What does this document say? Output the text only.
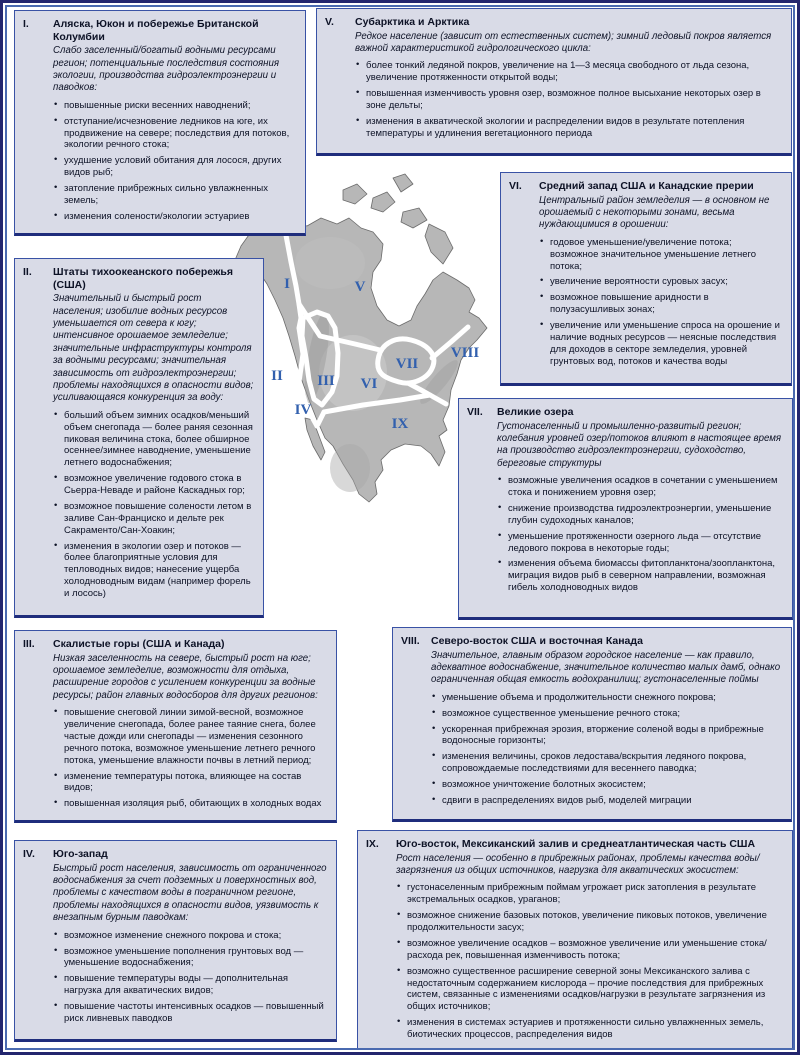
I
II III
IV
V
VI
VII
VIII
IX
I.	Аляска, Юкон и побережье Британской Колумбии
Слабо заселенный/богатый водными ресурсами регион; потенциальные последствия состояния экологии, производства гидроэлектроэнергии и паводков:
• повышенные риски весенних наводнений;
• отступание/исчезновение ледников на юге, их продвижение на севере; последствия для потоков, экологии речного стока;
• ухудшение условий обитания для лосося, других видов рыб;
• затопление прибрежных сильно увлажненных земель;
• изменения солености/экологии эстуариев
II.	Штаты тихоокеанского побережья (США)
Значительный и быстрый рост населения; изобилие водных ресурсов уменьшается от севера к югу; интенсивное орошаемое земледелие; значительные инфраструктуры контроля за водными ресурсами; значительная зависимость от гидроэлектроэнергии; проблемы находящихся в опасности видов; усиливающаяся конкуренция за воду:
• больший объем зимних осадков/меньший объем снегопада — более раняя сезонная пиковая величина стока, более обширное осеннее/зимнее наводнение, уменьшение летнего водоснабжения;
• возможное увеличение годового стока в Сьерра-Неваде и районе Каскадных гор;
• возможное повышение солености летом в заливе Сан-Франциско и дельте рек Сакраменто/Сан-Хоакин;
• изменения в экологии озер и потоков — более благоприятные условия для тепловодных видов; нанесение ущерба холодноводным видам (например форель и лосось)
III.	Скалистые горы (США и Канада)
Низкая заселенность на севере, быстрый рост на юге; орошаемое земледелие, возможности для отдыха, расширение городов с усилением конкуренции за водные ресурсы; район главных водосборов для других регионов:
• повышение снеговой линии зимой-весной, возможное увеличение снегопада, более ранее таяние снега, более частые дожди или снегопады — изменения сезонного речного потока, возможное уменьшение летнего речного потока, уменьшение влажности почвы в летний период;
• изменение температуры потока, влияющее на состав видов;
• повышенная изоляция рыб, обитающих в холодных водах
IV.	Юго-запад
Быстрый рост населения, зависимость от ограниченного водоснабжения за счет подземных и поверхностных вод, проблемы с качеством воды в пограничном регионе, проблемы находящихся в опасности видов, уязвимость к внезапным бурным паводкам:
• возможное изменение снежного покрова и стока;
• возможное уменьшение пополнения грунтовых вод — уменьшение водоснабжения;
• повышение температуры воды — дополнительная нагрузка для акватических видов;
• повышение частоты интенсивных осадков — повышенный риск ливневых паводков
V.	Субарктика и Арктика
Редкое население (зависит от естественных систем); зимний ледовый покров является важной характеристикой гидрологического цикла:
• более тонкий ледяной покров, увеличение на 1—3 месяца свободного от льда сезона, увеличение протяженности открытой воды;
• повышенная изменчивость уровня озер, возможное полное высыхание некоторых озер в зоне дельты;
• изменения в акватической экологии и распределении видов в результате потепления температуры и удлинения вегетационного периода
VI.	Средний запад США и Канадские прерии
Центральный район земледелия — в основном не орошаемый с некоторыми зонами, весьма нуждающимися в орошении:
• годовое уменьшение/увеличение потока; возможное значительное уменьшение летнего потока;
• увеличение вероятности суровых засух;
• возможное повышение аридности в полузасушливых зонах;
• увеличение или уменьшение спроса на орошение и наличие водных ресурсов — неясные последствия для доходов в секторе земледелия, уровней грунтовых вод, потоков и качества воды
VII.	Великие озера
Густонаселенный и промышленно-развитый регион; колебания уровней озер/потоков влияют в настоящее время на производство гидроэлектроэнергии, судоходство, береговые структуры
• возможные увеличения осадков в сочетании с уменьшением стока и понижением уровня озер;
• снижение производства гидроэлектроэнергии, уменьшение глубин судоходных каналов;
• уменьшение протяженности озерного льда — отсутствие ледового покрова в некоторые годы;
• изменения объема биомассы фитопланктона/зоопланктона, миграция видов рыб в северном направлении, возможная гибель холодноводных видов
VIII.	Северо-восток США и восточная Канада
Значительное, главным образом городское население — как правило, адекватное водоснабжение, значительное количество малых дамб, однако ограниченная общая емкость водохранилищ; густонаселенные поймы
• уменьшение объема и продолжительности снежного покрова;
• возможное существенное уменьшение речного стока;
• ускоренная прибрежная эрозия, вторжение соленой воды в прибрежные водоносные горизонты;
• изменения величины, сроков ледостава/вскрытия ледяного покрова, сопровождаемые последствиями для весеннего паводка;
• возможное уничтожение болотных экосистем;
• сдвиги в распределениях видов рыб, моделей миграции
IX.	Юго-восток, Мексиканский залив и среднеатлантическая часть США
Рост населения — особенно в прибрежных районах, проблемы качества воды/загрязнения из общих источников, нагрузка для акватических экосистем:
• густонаселенным прибрежным поймам угрожает риск затопления в результате экстремальных осадков, ураганов;
• возможное снижение базовых потоков, увеличение пиковых потоков, увеличение продолжительности засух;
• возможное увеличение осадков – возможное увеличение или уменьшение стока/расхода рек, повышенная изменчивость потока;
• возможно существенное расширение северной зоны Мексиканского залива с недостаточным содержанием кислорода – прочие последствия для прибрежных систем, связанные с изменениями осадков/нагрузки в результате загрязнения из общих источников;
• изменения в системах эстуариев и протяженности сильно увлажненных земель, биотических процессов, распределения видов
